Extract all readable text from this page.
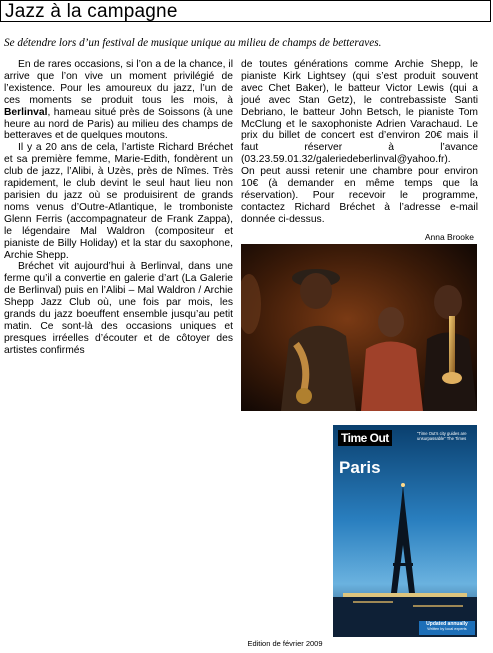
Jazz à la campagne
Se détendre lors d’un festival de musique unique au milieu de champs de betteraves.

En de rares occasions, si l’on a de la chance, il arrive que l’on vive un moment privilégié de l’existence. Pour les amoureux du jazz, l’un de ces moments se produit tous les mois, à Berlinval, hameau situé près de Soissons (à une heure au nord de Paris) au milieu des champs de betteraves et de quelques moutons.

Il y a 20 ans de cela, l’artiste Richard Bréchet et sa première femme, Marie-Edith, fondèrent un club de jazz, l’Alibi, à Uzès, près de Nîmes. Très rapidement, le club devint le seul haut lieu non parisien du jazz où se produisirent de grands noms venus d’Outre-Atlantique, le tromboniste Glenn Ferris (accompagnateur de Frank Zappa), le légendaire Mal Waldron (compositeur et pianiste de Billy Holiday) et la star du saxophone, Archie Shepp.

Bréchet vit aujourd’hui à Berlinval, dans une ferme qu’il a convertie en galerie d’art (La Galerie de Berlinval) puis en l’Alibi – Mal Waldron / Archie Shepp Jazz Club où, une fois par mois, les grands du jazz boeuffent ensemble jusqu’au petit matin. Ce sont-là des occasions uniques et presques irréelles d’écouter et de côtoyer des artistes confirmés

de toutes générations comme Archie Shepp, le pianiste Kirk Lightsey (qui s’est produit souvent avec Chet Baker), le batteur Victor Lewis (qui a joué avec Stan Getz), le contrebassiste Santi Debriano, le batteur John Betsch, le pianiste Tom McClung et le saxophoniste Adrien Varachaud. Le prix du billet de concert est d’environ 20€ mais il faut réserver à l’avance (03.23.59.01.32/galeriedeberlinval@yahoo.fr).

On peut aussi retenir une chambre pour environ 10€ (à demander en même temps que la réservation). Pour recevoir le programme, contactez Richard Bréchet à l’adresse e-mail donnée ci-dessus.

Anna Brooke
Time Out	“Time Out’s city guides are unsurpassable” The Times
Paris
Updated annually
Written by local experts
Edition de février 2009
